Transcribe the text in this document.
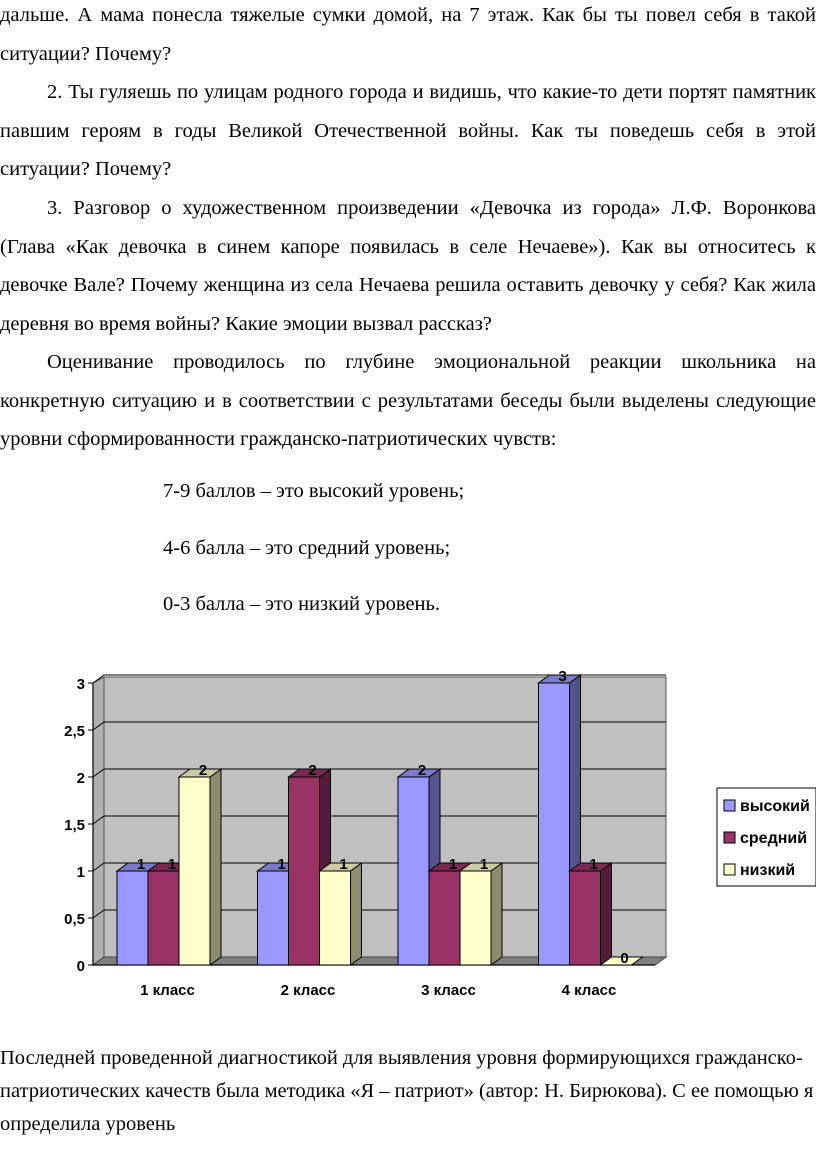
дальше. А мама понесла тяжелые сумки домой, на 7 этаж. Как бы ты повел себя в такой ситуации? Почему?

2. Ты гуляешь по улицам родного города и видишь, что какие-то дети портят памятник павшим героям в годы Великой Отечественной войны. Как ты поведешь себя в этой ситуации? Почему?

3. Разговор о художественном произведении «Девочка из города» Л.Ф. Воронкова (Глава «Как девочка в синем капоре появилась в селе Нечаеве»). Как вы относитесь к девочке Вале? Почему женщина из села Нечаева решила оставить девочку у себя? Как жила деревня во время войны? Какие эмоции вызвал рассказ?

Оценивание проводилось по глубине эмоциональной реакции школьника на конкретную ситуацию и в соответствии с результатами беседы были выделены следующие уровни сформированности гражданско-патриотических чувств:

7-9 баллов – это высокий уровень;
4-6 балла – это средний уровень;
0-3 балла – это низкий уровень.
0
0,5
1
1,5
2
2,5
3
1 1
2
1 класс
1
2
1
2 класс
2
1 1
3 класс
3
1
0
4 класс
высокий
средний
низкий

Последней проведенной диагностикой для выявления уровня формирующихся гражданско-патриотических качеств была методика «Я – патриот» (автор: Н. Бирюкова). С ее помощью я определила уровень
